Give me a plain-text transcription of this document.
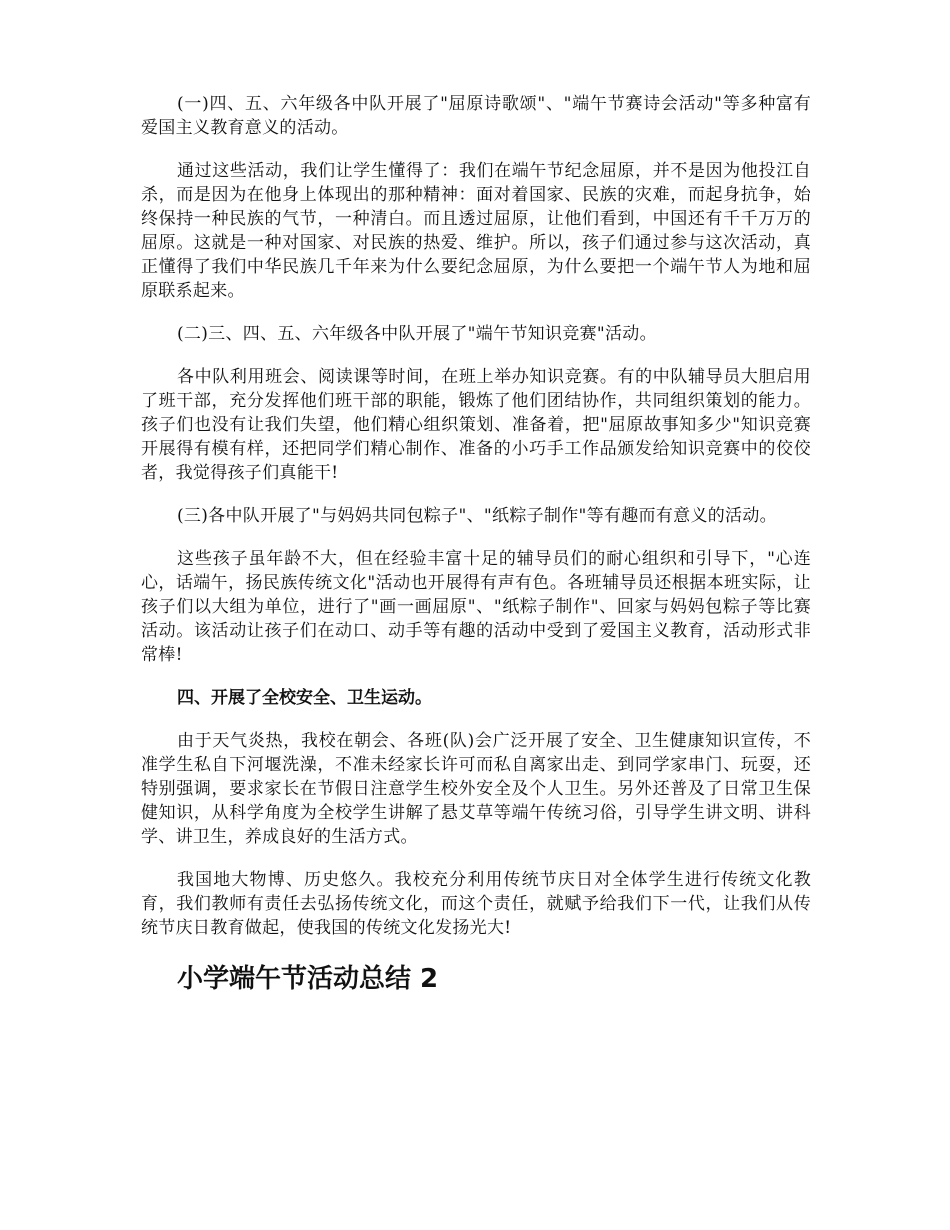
(一)四、五、六年级各中队开展了"屈原诗歌颂"、"端午节赛诗会活动"等多种富有爱国主义教育意义的活动。

通过这些活动，我们让学生懂得了：我们在端午节纪念屈原，并不是因为他投江自杀，而是因为在他身上体现出的那种精神：面对着国家、民族的灾难，而起身抗争，始终保持一种民族的气节，一种清白。而且透过屈原，让他们看到，中国还有千千万万的屈原。这就是一种对国家、对民族的热爱、维护。所以，孩子们通过参与这次活动，真正懂得了我们中华民族几千年来为什么要纪念屈原，为什么要把一个端午节人为地和屈原联系起来。

(二)三、四、五、六年级各中队开展了"端午节知识竞赛"活动。

各中队利用班会、阅读课等时间，在班上举办知识竞赛。有的中队辅导员大胆启用了班干部，充分发挥他们班干部的职能，锻炼了他们团结协作，共同组织策划的能力。孩子们也没有让我们失望，他们精心组织策划、准备着，把"屈原故事知多少"知识竞赛开展得有模有样，还把同学们精心制作、准备的小巧手工作品颁发给知识竞赛中的佼佼者，我觉得孩子们真能干!

(三)各中队开展了"与妈妈共同包粽子"、"纸粽子制作"等有趣而有意义的活动。

这些孩子虽年龄不大，但在经验丰富十足的辅导员们的耐心组织和引导下，"心连心，话端午，扬民族传统文化"活动也开展得有声有色。各班辅导员还根据本班实际，让孩子们以大组为单位，进行了"画一画屈原"、"纸粽子制作"、回家与妈妈包粽子等比赛活动。该活动让孩子们在动口、动手等有趣的活动中受到了爱国主义教育，活动形式非常棒!

四、开展了全校安全、卫生运动。

由于天气炎热，我校在朝会、各班(队)会广泛开展了安全、卫生健康知识宣传，不准学生私自下河堰洗澡，不准未经家长许可而私自离家出走、到同学家串门、玩耍，还特别强调，要求家长在节假日注意学生校外安全及个人卫生。另外还普及了日常卫生保健知识，从科学角度为全校学生讲解了悬艾草等端午传统习俗，引导学生讲文明、讲科学、讲卫生，养成良好的生活方式。

我国地大物博、历史悠久。我校充分利用传统节庆日对全体学生进行传统文化教育，我们教师有责任去弘扬传统文化，而这个责任，就赋予给我们下一代，让我们从传统节庆日教育做起，使我国的传统文化发扬光大!

小学端午节活动总结 2
